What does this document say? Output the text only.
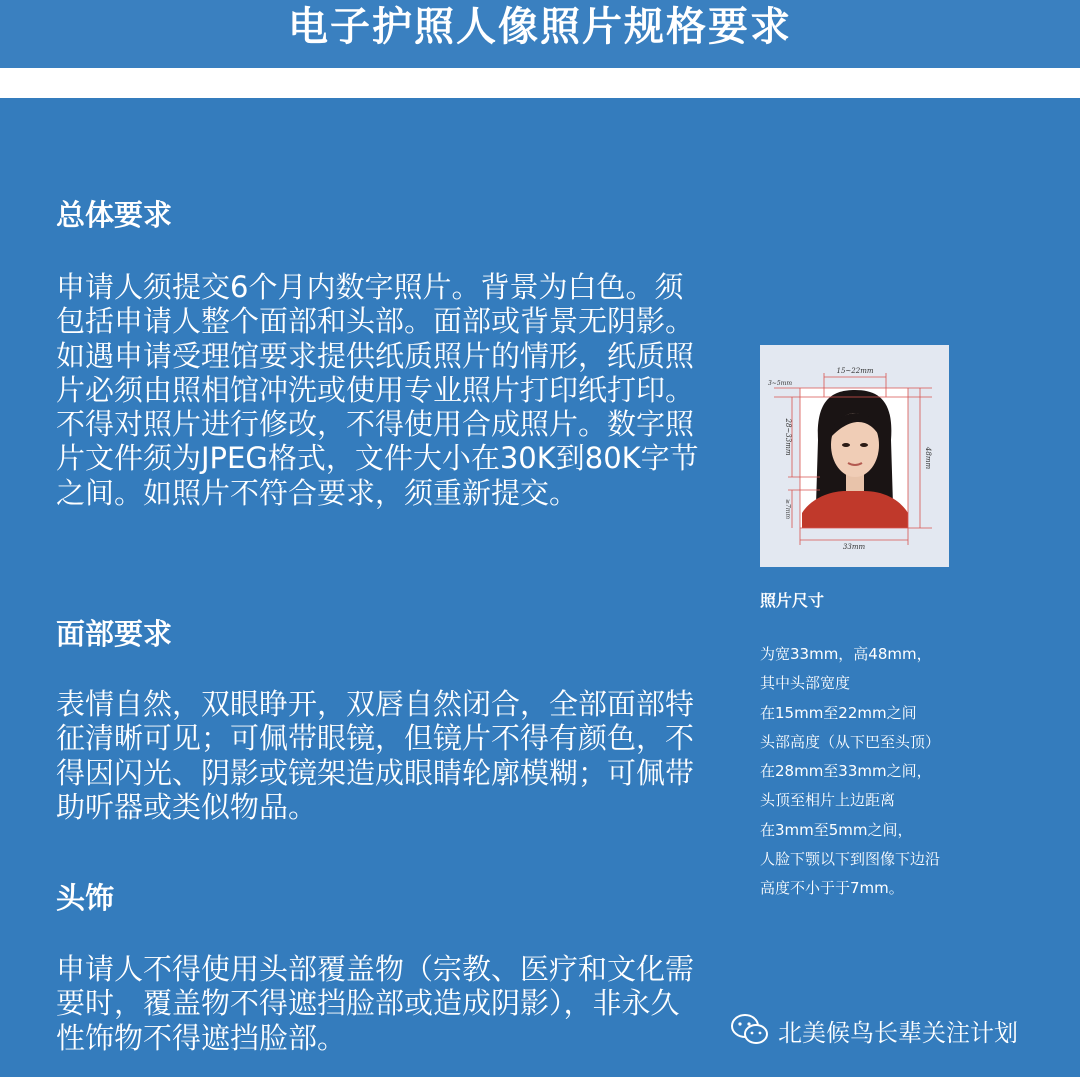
电子护照人像照片规格要求
总体要求

申请人须提交6个月内数字照片。背景为白色。须包括申请人整个面部和头部。面部或背景无阴影。如遇申请受理馆要求提供纸质照片的情形，纸质照片必须由照相馆冲洗或使用专业照片打印纸打印。不得对照片进行修改，不得使用合成照片。数字照片文件须为JPEG格式，文件大小在30K到80K字节之间。如照片不符合要求，须重新提交。

面部要求

表情自然，双眼睁开，双唇自然闭合，全部面部特征清晰可见；可佩带眼镜，但镜片不得有颜色，不得因闪光、阴影或镜架造成眼睛轮廓模糊；可佩带助听器或类似物品。

头饰

申请人不得使用头部覆盖物（宗教、医疗和文化需要时，覆盖物不得遮挡脸部或造成阴影），非永久性饰物不得遮挡脸部。

15~22mm
3~5mm
28~33mm
48mm
≥7mm
33mm

照片尺寸

为宽33mm，高48mm，

其中头部宽度

在15mm至22mm之间

头部高度（从下巴至头顶）

在28mm至33mm之间，

头顶至相片上边距离

在3mm至5mm之间，

人脸下颚以下到图像下边沿

高度不小于于7mm。

北美候鸟长辈关注计划
